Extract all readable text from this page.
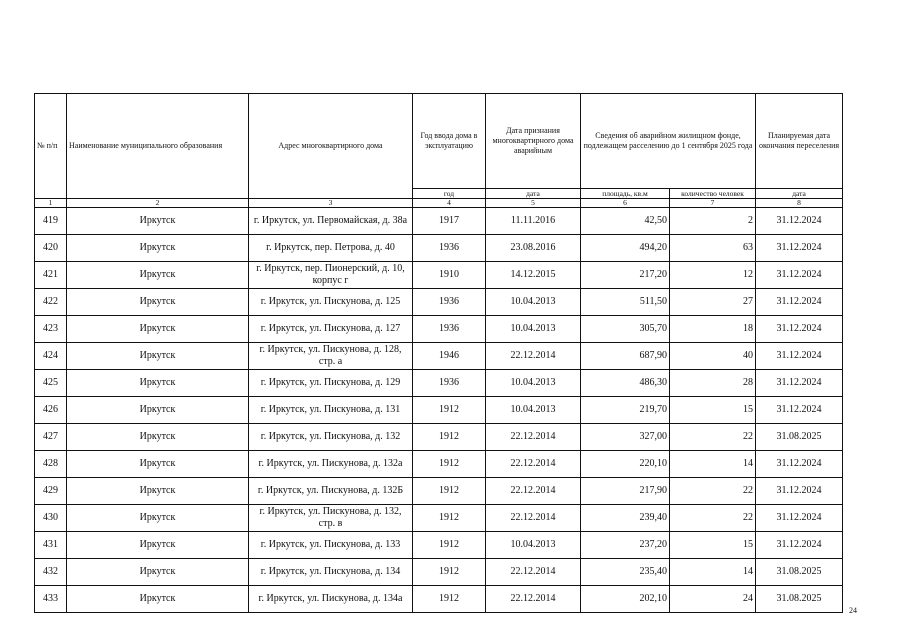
№ п/п	Наименование муниципального образования	Адрес многоквартирного дома	Год ввода дома в эксплуатацию	Дата признания многоквартирного дома аварийным	Сведения об аварийном жилищном фонде, подлежащем расселению до 1 сентября 2025 года		Планируемая дата окончания переселения
			год	дата	площадь, кв.м	количество человек	дата
1	2	3	4	5	6	7	8
419	Иркутск	г. Иркутск, ул. Первомайская, д. 38а	1917	11.11.2016	42,50	2	31.12.2024
420	Иркутск	г. Иркутск, пер. Петрова, д. 40	1936	23.08.2016	494,20	63	31.12.2024
421	Иркутск	г. Иркутск, пер. Пионерский, д. 10, корпус г	1910	14.12.2015	217,20	12	31.12.2024
422	Иркутск	г. Иркутск, ул. Пискунова, д. 125	1936	10.04.2013	511,50	27	31.12.2024
423	Иркутск	г. Иркутск, ул. Пискунова, д. 127	1936	10.04.2013	305,70	18	31.12.2024
424	Иркутск	г. Иркутск, ул. Пискунова, д. 128, стр. а	1946	22.12.2014	687,90	40	31.12.2024
425	Иркутск	г. Иркутск, ул. Пискунова, д. 129	1936	10.04.2013	486,30	28	31.12.2024
426	Иркутск	г. Иркутск, ул. Пискунова, д. 131	1912	10.04.2013	219,70	15	31.12.2024
427	Иркутск	г. Иркутск, ул. Пискунова, д. 132	1912	22.12.2014	327,00	22	31.08.2025
428	Иркутск	г. Иркутск, ул. Пискунова, д. 132а	1912	22.12.2014	220,10	14	31.12.2024
429	Иркутск	г. Иркутск, ул. Пискунова, д. 132Б	1912	22.12.2014	217,90	22	31.12.2024
430	Иркутск	г. Иркутск, ул. Пискунова, д. 132, стр. в	1912	22.12.2014	239,40	22	31.12.2024
431	Иркутск	г. Иркутск, ул. Пискунова, д. 133	1912	10.04.2013	237,20	15	31.12.2024
432	Иркутск	г. Иркутск, ул. Пискунова, д. 134	1912	22.12.2014	235,40	14	31.08.2025
433	Иркутск	г. Иркутск, ул. Пискунова, д. 134а	1912	22.12.2014	202,10	24	31.08.2025
24
